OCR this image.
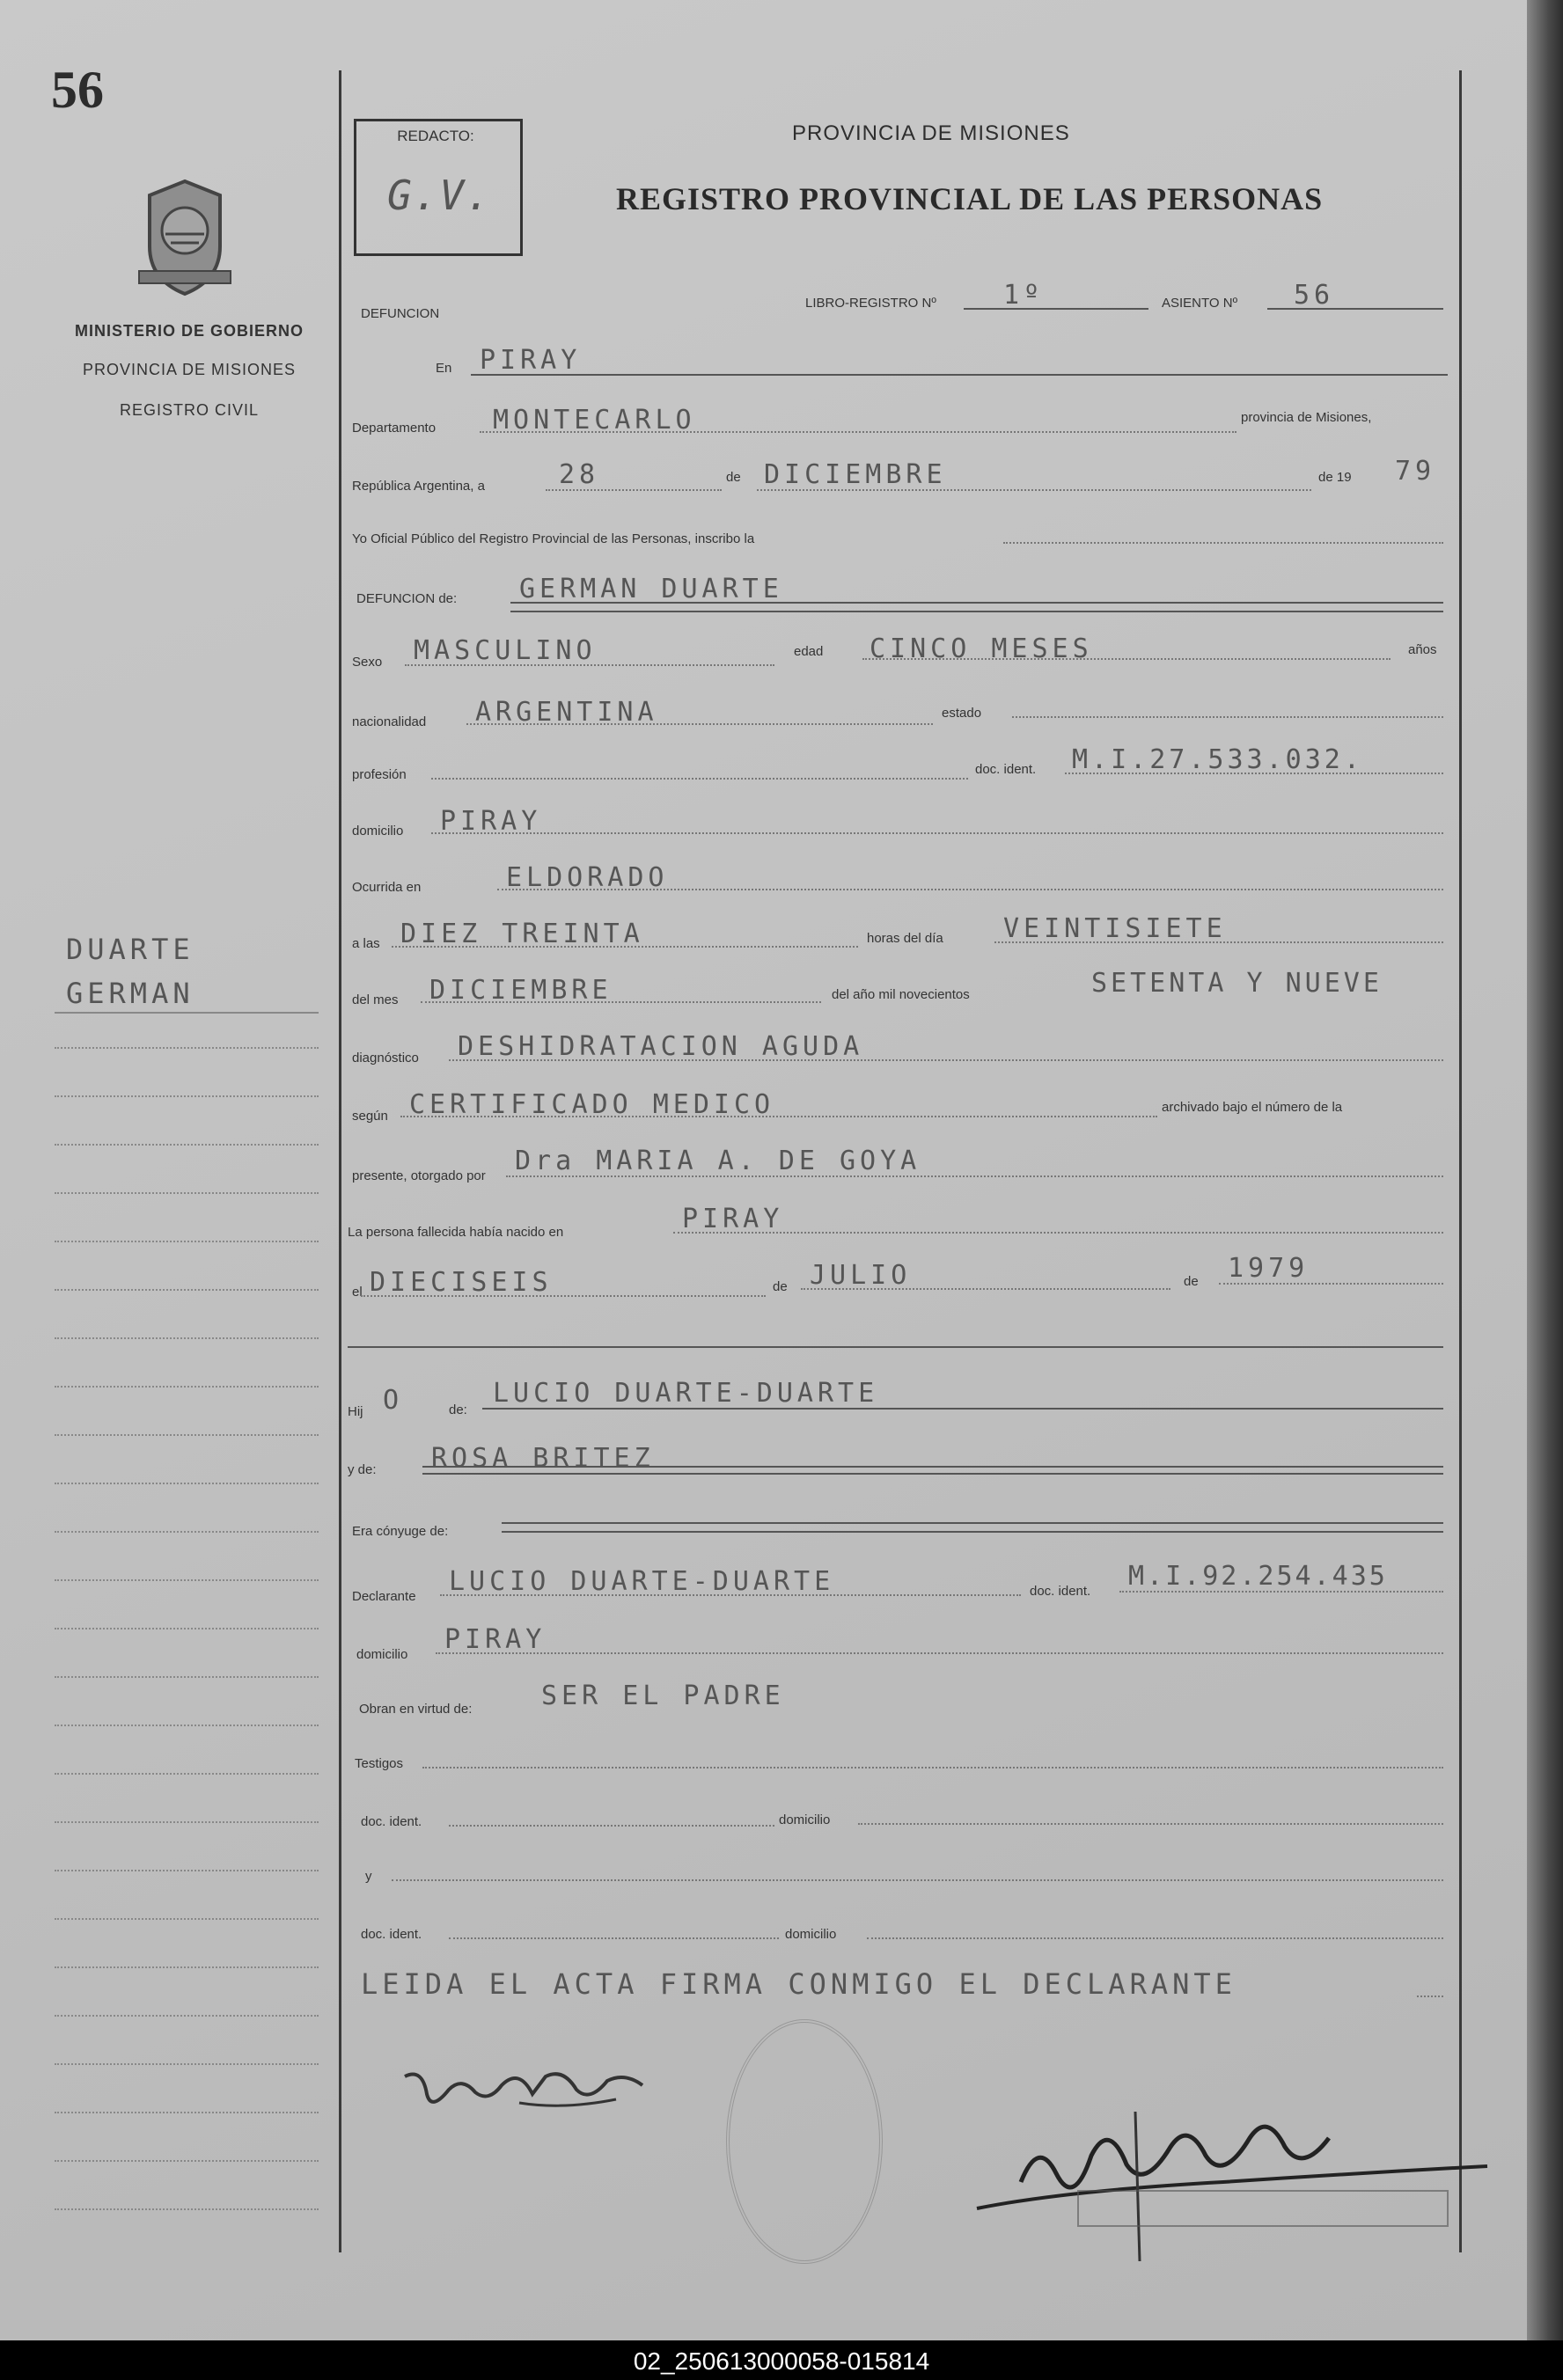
56
MINISTERIO DE GOBIERNO
PROVINCIA DE MISIONES
REGISTRO CIVIL
DUARTE
GERMAN
REDACTO:
G.V.
PROVINCIA DE MISIONES
REGISTRO PROVINCIAL DE LAS PERSONAS
DEFUNCION
LIBRO-REGISTRO Nº	1º	ASIENTO Nº 56
En PIRAY
Departamento MONTECARLO	provincia de Misiones,
República Argentina, a	28	de DICIEMBRE	de 19 79
Yo Oficial Público del Registro Provincial de las Personas, inscribo la
DEFUNCION de: GERMAN DUARTE
Sexo MASCULINO	edad CINCO MESES	años
nacionalidad ARGENTINA	estado
profesión	doc. ident. M.I.27.533.032.
domicilio PIRAY
Ocurrida en	ELDORADO
a las DIEZ TREINTA	horas del día VEINTISIETE
del mes DICIEMBRE	del año mil novecientos	SETENTA Y NUEVE
diagnóstico DESHIDRATACION AGUDA
según CERTIFICADO MEDICO	archivado bajo el número de la
presente, otorgado por Dra MARIA A. DE GOYA
La persona fallecida había nacido en	PIRAY
el DIECISEIS	de JULIO	de 1979
Hij O	de:
LUCIO DUARTE-DUARTE
y de: ROSA BRITEZ
Era cónyuge de:
Declarante LUCIO DUARTE-DUARTE	doc. ident. M.I.92.254.435
domicilio PIRAY
Obran en virtud de:	SER EL PADRE
Testigos
doc. ident.	domicilio
y
doc. ident.	domicilio
LEIDA EL ACTA FIRMA CONMIGO EL DECLARANTE
02_250613000058-015814
